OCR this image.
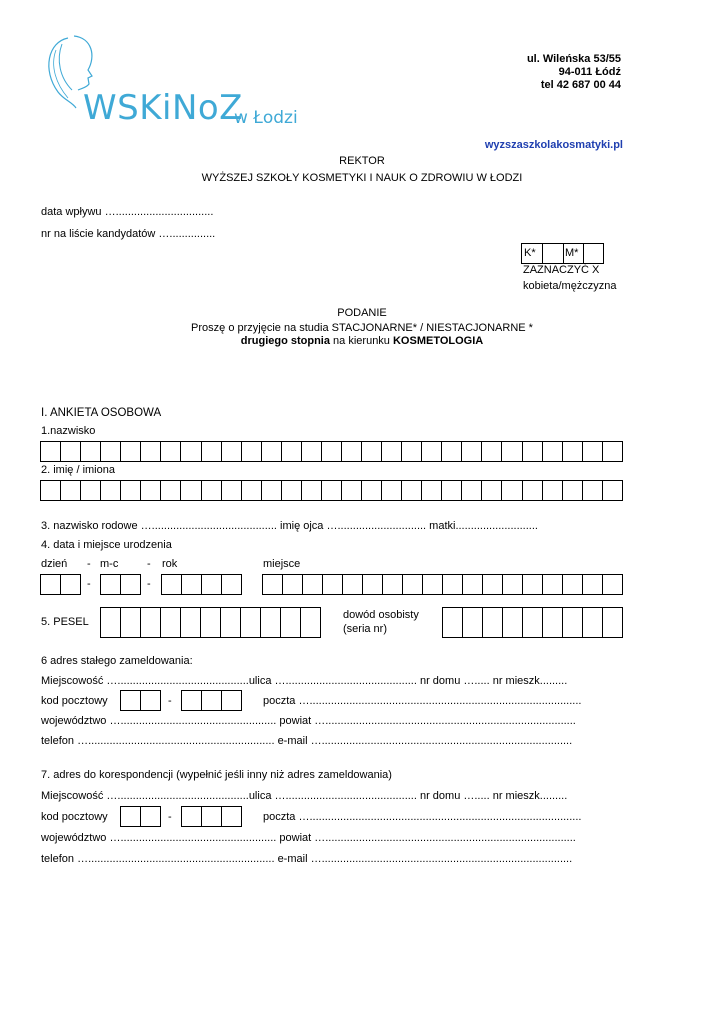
WSKiNoZ
w Łodzi
ul. Wileńska 53/55
94-011 Łódź
tel 42 687 00 44
wyzszaszkolakosmatyki.pl
REKTOR
WYŻSZEJ SZKOŁY KOSMETYKI I NAUK O ZDROWIU W ŁODZI
data wpływu …................................
nr na liście kandydatów …...............
K*	M*
ZAZNACZYĆ X
kobieta/mężczyzna
PODANIE
Proszę o przyjęcie na studia STACJONARNE* / NIESTACJONARNE *
drugiego stopnia na kierunku KOSMETOLOGIA
I. ANKIETA OSOBOWA
1.nazwisko
2. imię / imiona
3. nazwisko rodowe …......................................... imię ojca …............................. matki...........................
4. data i miejsce urodzenia
dzień - m-c	- rok	miejsce
-	-
5. PESEL
dowód osobisty
(seria nr)
6 adres stałego zameldowania:
Miejscowość …...........................................ulica …........................................... nr domu …..... nr mieszk.........
kod pocztowy	-	poczta ….........................................................................................
województwo …................................................... powiat …..................................................................................
telefon …............................................................. e-mail …..................................................................................
7. adres do korespondencji (wypełnić jeśli inny niż adres zameldowania)
Miejscowość …...........................................ulica …........................................... nr domu …..... nr mieszk.........
kod pocztowy	-	poczta ….........................................................................................
województwo …................................................... powiat …..................................................................................
telefon …............................................................. e-mail …..................................................................................
